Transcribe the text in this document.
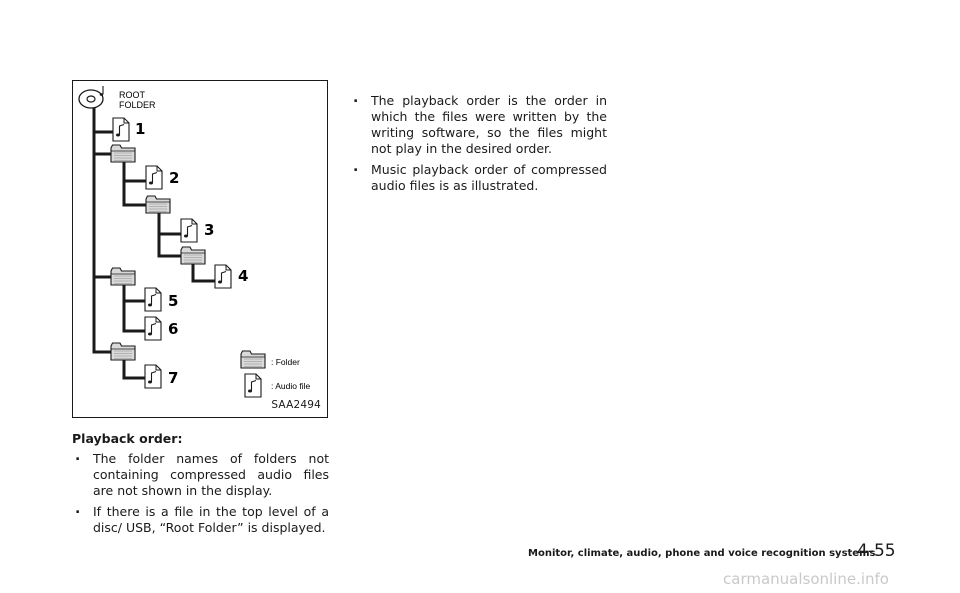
ROOT
FOLDER
1
2
3
4
5
6
7
: Folder
: Audio file
SAA2494
Playback order:
. The folder names of folders not containing compressed audio files are not shown in the display.
. If there is a file in the top level of a disc/ USB, “Root Folder” is displayed.
. The playback order is the order in which the files were written by the writing software, so the files might not play in the desired order.
. Music playback order of compressed audio files is as illustrated.
Monitor, climate, audio, phone and voice recognition systems
4-55
carmanualsonline.info
